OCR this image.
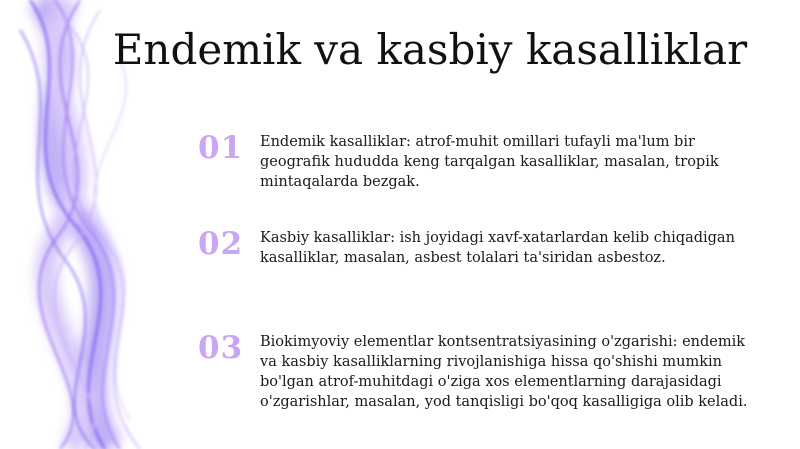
Endemik va kasbiy kasalliklar
01	Endemik kasalliklar: atrof-muhit omillari tufayli ma'lum bir geografik hududda keng tarqalgan kasalliklar, masalan, tropik mintaqalarda bezgak.

02	Kasbiy kasalliklar: ish joyidagi xavf-xatarlardan kelib chiqadigan kasalliklar, masalan, asbest tolalari ta'siridan asbestoz.

03	Biokimyoviy elementlar kontsentratsiyasining o'zgarishi: endemik va kasbiy kasalliklarning rivojlanishiga hissa qo'shishi mumkin bo'lgan atrof-muhitdagi o'ziga xos elementlarning darajasidagi o'zgarishlar, masalan, yod tanqisligi bo'qoq kasalligiga olib keladi.
